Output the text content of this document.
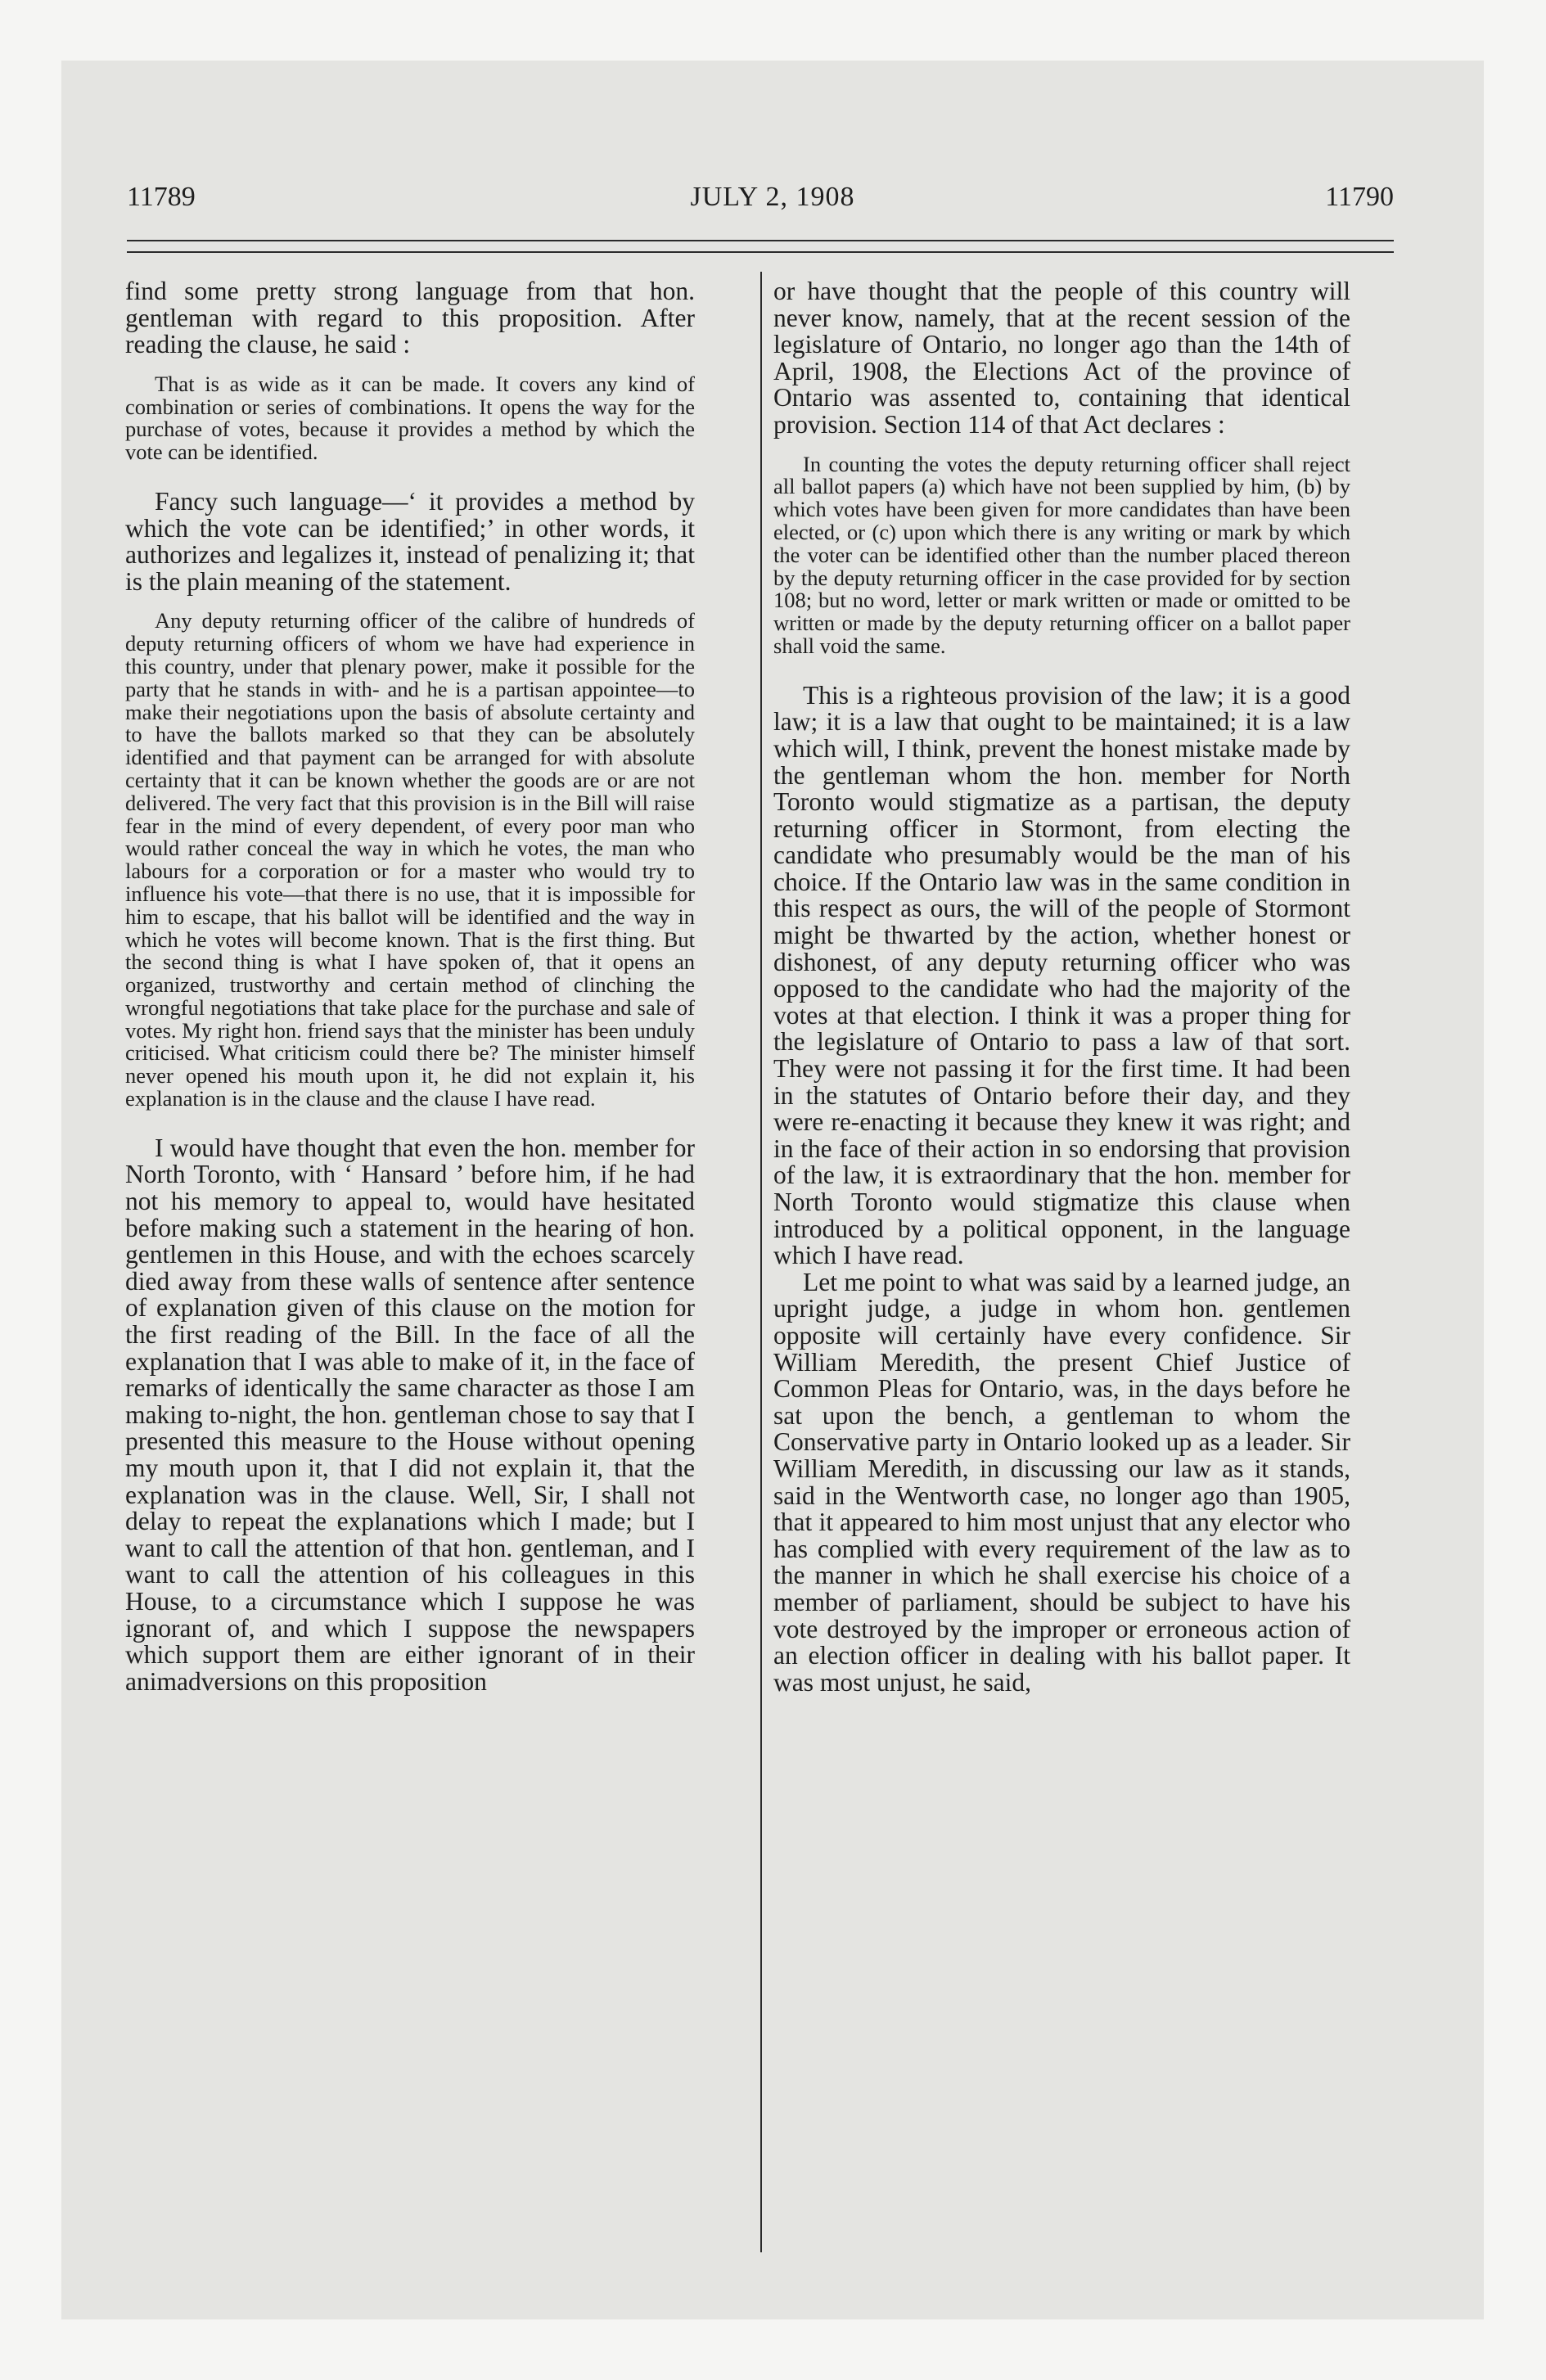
11789	JULY 2, 1908	11790

find some pretty strong language from that hon. gentleman with regard to this proposition. After reading the clause, he said :

That is as wide as it can be made. It covers any kind of combination or series of combinations. It opens the way for the purchase of votes, because it provides a method by which the vote can be identified.

Fancy such language—‘ it provides a method by which the vote can be identified;’ in other words, it authorizes and legalizes it, instead of penalizing it; that is the plain meaning of the statement.

Any deputy returning officer of the calibre of hundreds of deputy returning officers of whom we have had experience in this country, under that plenary power, make it possible for the party that he stands in with- and he is a partisan appointee—to make their negotiations upon the basis of absolute certainty and to have the ballots marked so that they can be absolutely identified and that payment can be arranged for with absolute certainty that it can be known whether the goods are or are not delivered. The very fact that this provision is in the Bill will raise fear in the mind of every dependent, of every poor man who would rather conceal the way in which he votes, the man who labours for a corporation or for a master who would try to influence his vote—that there is no use, that it is impossible for him to escape, that his ballot will be identified and the way in which he votes will become known. That is the first thing. But the second thing is what I have spoken of, that it opens an organized, trustworthy and certain method of clinching the wrongful negotiations that take place for the purchase and sale of votes. My right hon. friend says that the minister has been unduly criticised. What criticism could there be? The minister himself never opened his mouth upon it, he did not explain it, his explanation is in the clause and the clause I have read.

I would have thought that even the hon. member for North Toronto, with ‘ Hansard ’ before him, if he had not his memory to appeal to, would have hesitated before making such a statement in the hearing of hon. gentlemen in this House, and with the echoes scarcely died away from these walls of sentence after sentence of explanation given of this clause on the motion for the first reading of the Bill. In the face of all the explanation that I was able to make of it, in the face of remarks of identically the same character as those I am making to-night, the hon. gentleman chose to say that I presented this measure to the House without opening my mouth upon it, that I did not explain it, that the explanation was in the clause. Well, Sir, I shall not delay to repeat the explanations which I made; but I want to call the attention of that hon. gentleman, and I want to call the attention of his colleagues in this House, to a circumstance which I suppose he was ignorant of, and which I suppose the newspapers which support them are either ignorant of in their animadversions on this proposition

or have thought that the people of this country will never know, namely, that at the recent session of the legislature of Ontario, no longer ago than the 14th of April, 1908, the Elections Act of the province of Ontario was assented to, containing that identical provision. Section 114 of that Act declares :

In counting the votes the deputy returning officer shall reject all ballot papers (a) which have not been supplied by him, (b) by which votes have been given for more candidates than have been elected, or (c) upon which there is any writing or mark by which the voter can be identified other than the number placed thereon by the deputy returning officer in the case provided for by section 108; but no word, letter or mark written or made or omitted to be written or made by the deputy returning officer on a ballot paper shall void the same.

This is a righteous provision of the law; it is a good law; it is a law that ought to be maintained; it is a law which will, I think, prevent the honest mistake made by the gentleman whom the hon. member for North Toronto would stigmatize as a partisan, the deputy returning officer in Stormont, from electing the candidate who presumably would be the man of his choice. If the Ontario law was in the same condition in this respect as ours, the will of the people of Stormont might be thwarted by the action, whether honest or dishonest, of any deputy returning officer who was opposed to the candidate who had the majority of the votes at that election. I think it was a proper thing for the legislature of Ontario to pass a law of that sort. They were not passing it for the first time. It had been in the statutes of Ontario before their day, and they were re-enacting it because they knew it was right; and in the face of their action in so endorsing that provision of the law, it is extraordinary that the hon. member for North Toronto would stigmatize this clause when introduced by a political opponent, in the language which I have read.

Let me point to what was said by a learned judge, an upright judge, a judge in whom hon. gentlemen opposite will certainly have every confidence. Sir William Meredith, the present Chief Justice of Common Pleas for Ontario, was, in the days before he sat upon the bench, a gentleman to whom the Conservative party in Ontario looked up as a leader. Sir William Meredith, in discussing our law as it stands, said in the Wentworth case, no longer ago than 1905, that it appeared to him most unjust that any elector who has complied with every requirement of the law as to the manner in which he shall exercise his choice of a member of parliament, should be subject to have his vote destroyed by the improper or erroneous action of an election officer in dealing with his ballot paper. It was most unjust, he said,
